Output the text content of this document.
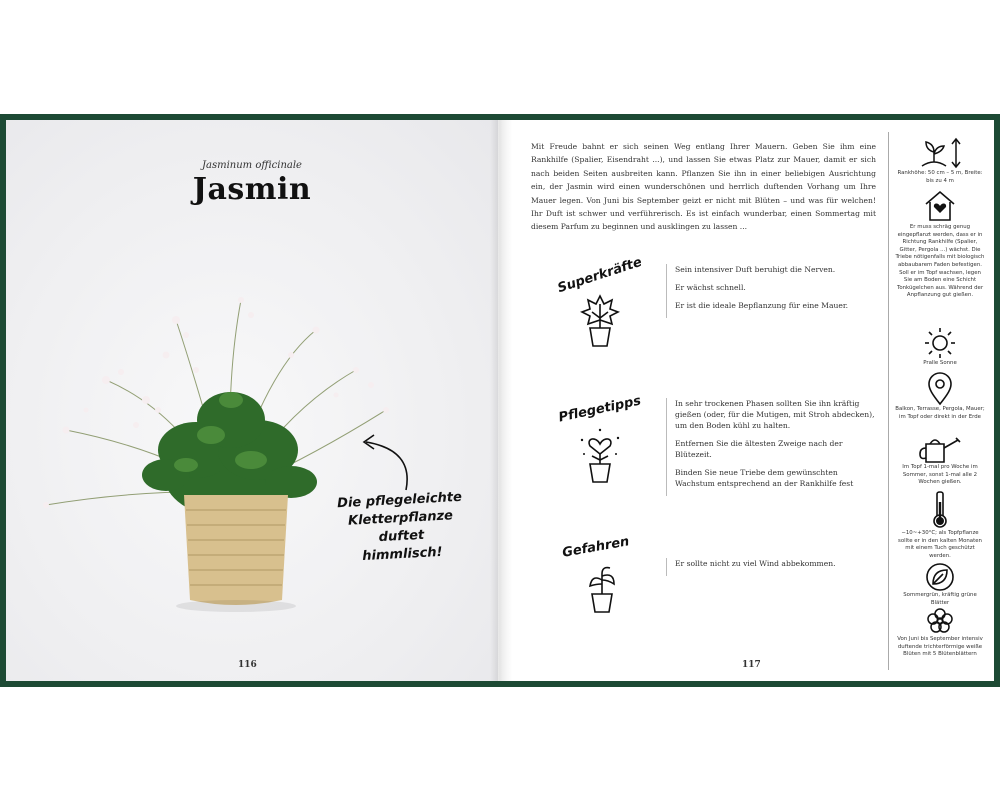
Jasminum officinale
Jasmin
Die pflegeleichte
Kletterpflanze duftet
himmlisch!
116
Mit Freude bahnt er sich seinen Weg entlang Ihrer Mauern. Geben Sie ihm eine Rankhilfe (Spalier, Eisendraht ...), und lassen Sie etwas Platz zur Mauer, damit er sich nach beiden Seiten ausbreiten kann. Pflanzen Sie ihn in einer beliebigen Ausrichtung ein, der Jasmin wird einen wunderschönen und herrlich duftenden Vorhang um Ihre Mauer legen. Von Juni bis September geizt er nicht mit Blüten – und was für welchen! Ihr Duft ist schwer und verführerisch. Es ist einfach wunderbar, einen Sommertag mit diesem Parfum zu beginnen und ausklingen zu lassen ...
Superkräfte	Sein intensiver Duft beruhigt die Nerven.

Er wächst schnell.

Er ist die ideale Bepflanzung für eine Mauer.

Pflegetipps	In sehr trockenen Phasen sollten Sie ihn kräftig gießen (oder, für die Mutigen, mit Stroh abdecken), um den Boden kühl zu halten.

Entfernen Sie die ältesten Zweige nach der Blütezeit.

Binden Sie neue Triebe dem gewünschten Wachstum entsprechend an der Rankhilfe fest

Gefahren

Er sollte nicht zu viel Wind abbekommen.

117
Rankhöhe: 50 cm – 5 m, Breite: bis zu 4 m
Er muss schräg genug eingepflanzt werden, dass er in Richtung Rankhilfe (Spalier, Gitter, Pergola ...) wächst. Die Triebe nötigenfalls mit biologisch abbaubarem Faden befestigen. Soll er im Topf wachsen, legen Sie am Boden eine Schicht Tonkügelchen aus. Während der Anpflanzung gut gießen.
Pralle Sonne
Balkon, Terrasse, Pergola, Mauer; im Topf oder direkt in der Erde
Im Topf 1-mal pro Woche im Sommer, sonst 1-mal alle 2 Wochen gießen.
−10~+30°C; als Topfpflanze sollte er in den kalten Monaten mit einem Tuch geschützt werden.
Sommergrün, kräftig grüne Blätter
Von Juni bis September intensiv duftende trichterförmige weiße Blüten mit 5 Blütenblättern
